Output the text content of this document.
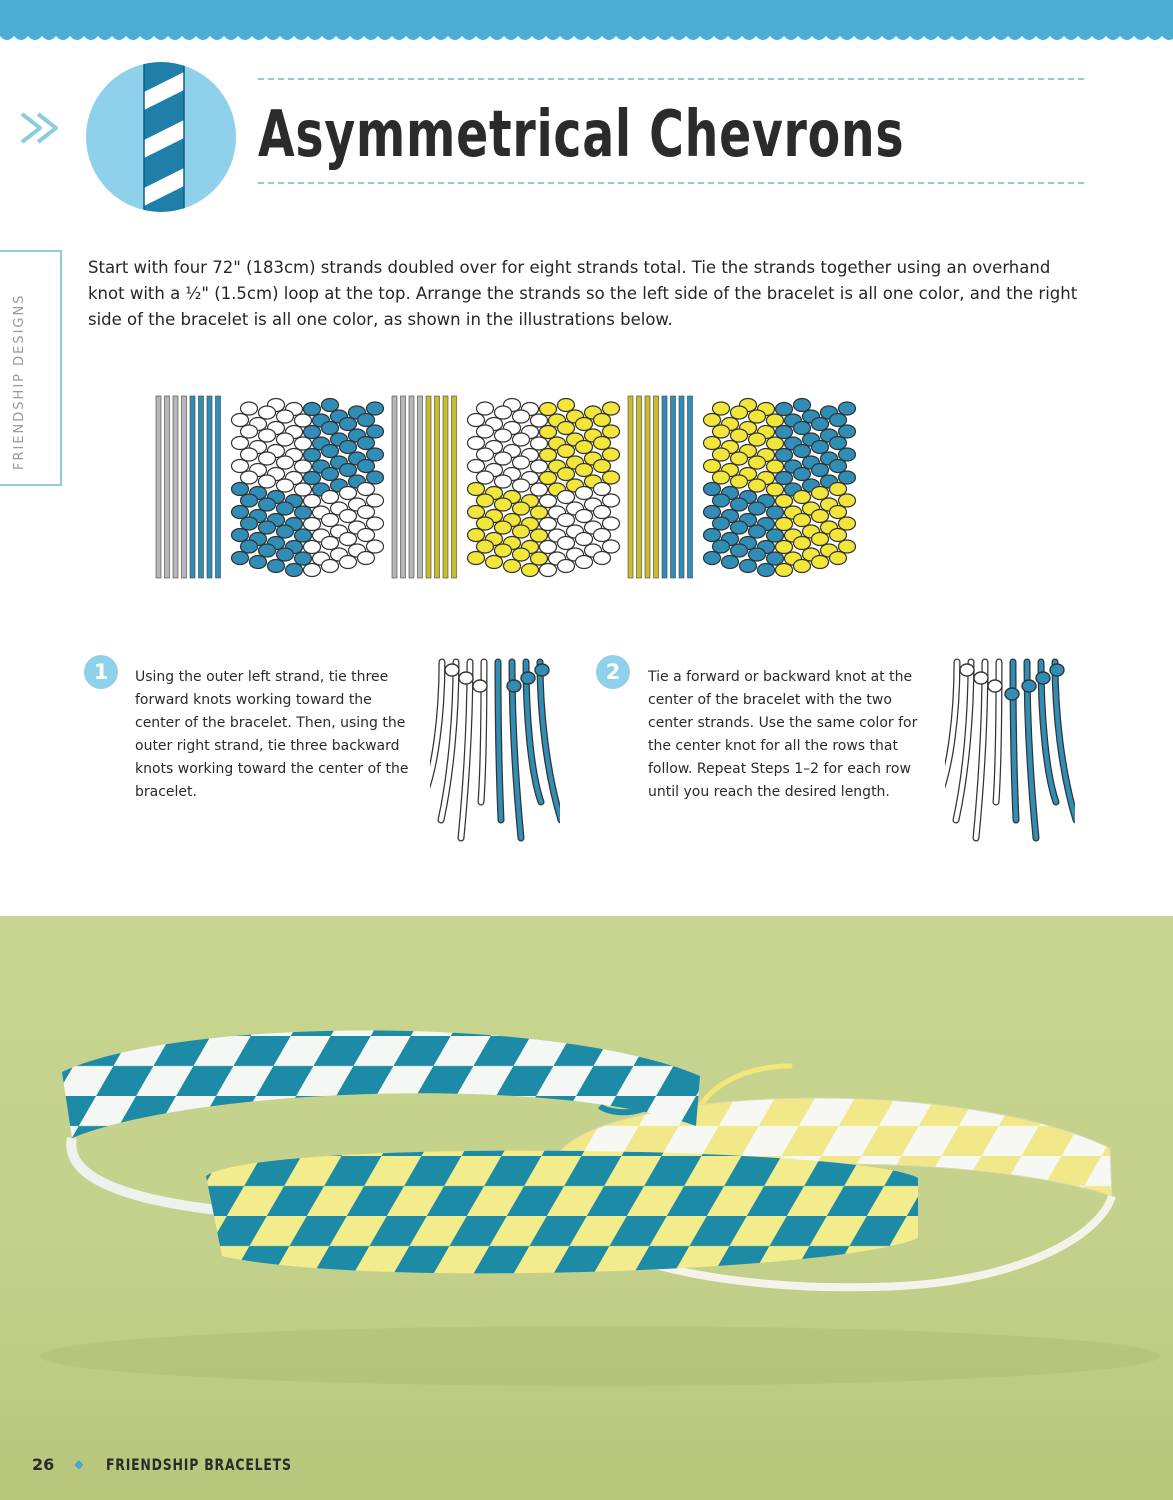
FRIENDSHIP DESIGNS
Asymmetrical Chevrons

Start with four 72" (183cm) strands doubled over for eight strands total. Tie the strands together using an overhand knot with a ½" (1.5cm) loop at the top. Arrange the strands so the left side of the bracelet is all one color, and the right side of the bracelet is all one color, as shown in the illustrations below.

1	Using the outer left strand, tie three forward knots working toward the center of the bracelet. Then, using the outer right strand, tie three backward knots working toward the center of the bracelet.

2	Tie a forward or backward knot at the center of the bracelet with the two center strands. Use the same color for the center knot for all the rows that follow. Repeat Steps 1–2 for each row until you reach the desired length.

26 ◆ FRIENDSHIP BRACELETS
